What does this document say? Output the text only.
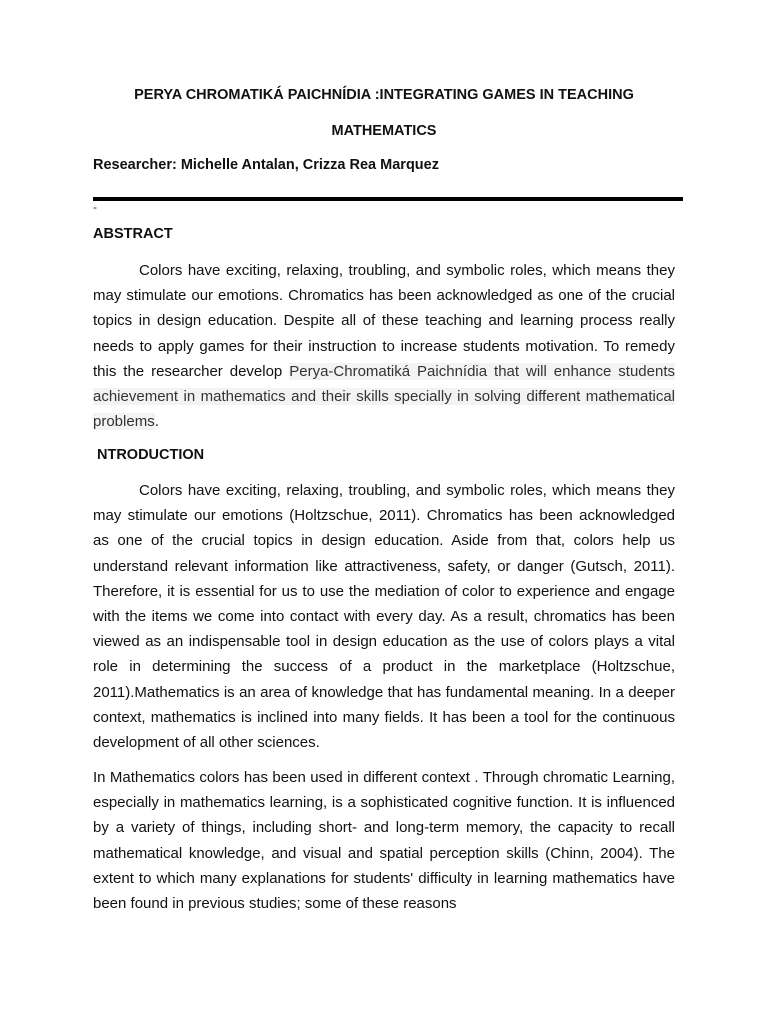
PERYA CHROMATIKÁ PAICHNÍDIA :INTEGRATING GAMES IN TEACHING
MATHEMATICS
Researcher: Michelle Antalan, Crizza Rea Marquez
-
ABSTRACT

Colors have exciting, relaxing, troubling, and symbolic roles, which means they may stimulate our emotions. Chromatics has been acknowledged as one of the crucial topics in design education. Despite all of these teaching and learning process really needs to apply games for their instruction to increase students motivation. To remedy this the researcher develop Perya-Chromatiká Paichnídia that will enhance students achievement in mathematics and their skills specially in solving different mathematical problems.

NTRODUCTION

Colors have exciting, relaxing, troubling, and symbolic roles, which means they may stimulate our emotions (Holtzschue, 2011). Chromatics has been acknowledged as one of the crucial topics in design education. Aside from that, colors help us understand relevant information like attractiveness, safety, or danger (Gutsch, 2011). Therefore, it is essential for us to use the mediation of color to experience and engage with the items we come into contact with every day. As a result, chromatics has been viewed as an indispensable tool in design education as the use of colors plays a vital role in determining the success of a product in the marketplace (Holtzschue, 2011).Mathematics is an area of knowledge that has fundamental meaning. In a deeper context, mathematics is inclined into many fields. It has been a tool for the continuous development of all other sciences.

In Mathematics colors has been used in different context . Through chromatic Learning, especially in mathematics learning, is a sophisticated cognitive function. It is influenced by a variety of things, including short- and long-term memory, the capacity to recall mathematical knowledge, and visual and spatial perception skills (Chinn, 2004). The extent to which many explanations for students' difficulty in learning mathematics have been found in previous studies; some of these reasons
